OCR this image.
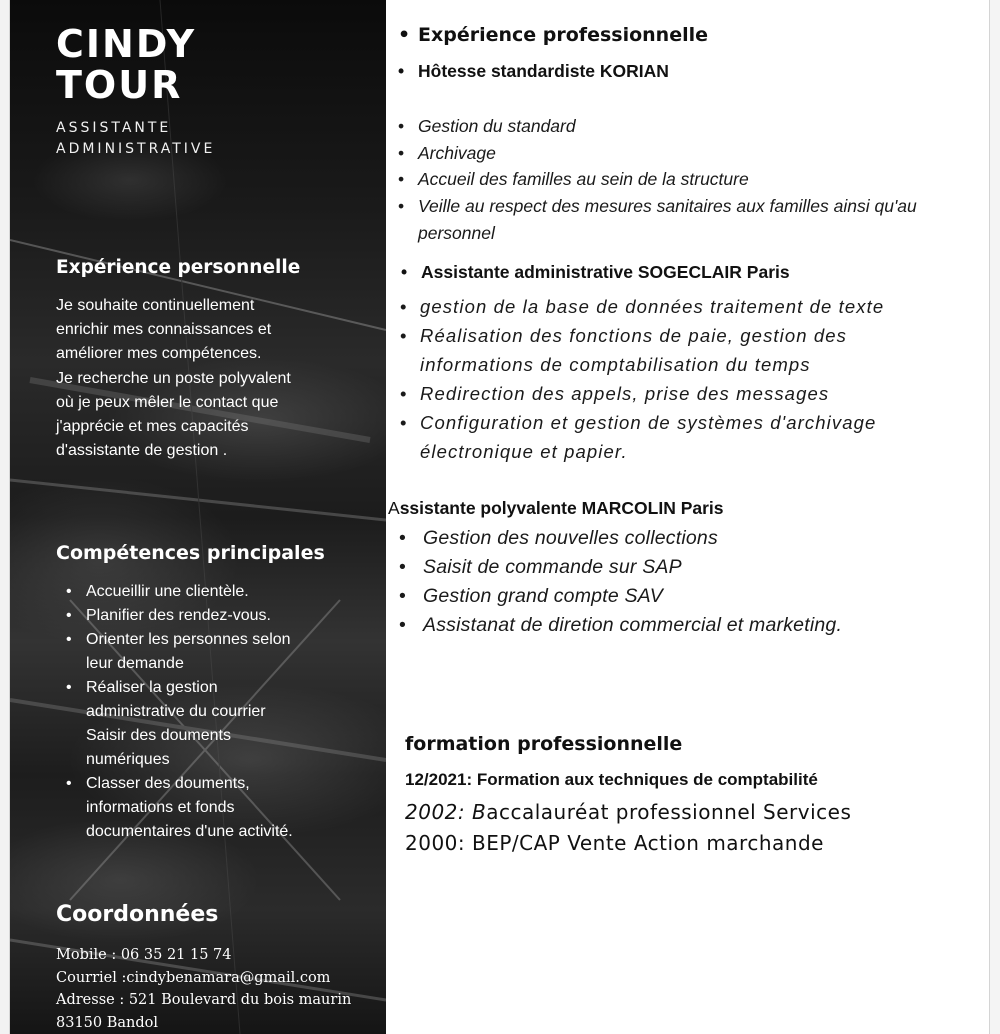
CINDY
TOUR
ASSISTANTE
ADMINISTRATIVE
Expérience personnelle

Je souhaite continuellement

enrichir mes connaissances et

améliorer mes compétences.

Je recherche un poste polyvalent

où je peux mêler le contact que

j'apprécie et mes capacités

d'assistante de gestion .

Compétences principales
• Accueillir une clientèle.
• Planifier des rendez-vous.
• Orienter les personnes selon
leur demande
• Réaliser la gestion
administrative du courrier
Saisir des douments
numériques
• Classer des douments,
informations et fonds
documentaires d'une activité.
Coordonnées
Mobile : 06 35 21 15 74
Courriel :cindybenamara@gmail.com
Adresse : 521 Boulevard du bois maurin
83150 Bandol
• Expérience professionnelle
• Hôtesse standardiste KORIAN
• Gestion du standard
• Archivage
• Accueil des familles au sein de la structure
• Veille au respect des mesures sanitaires aux familles ainsi qu'au
personnel
• Assistante administrative SOGECLAIR Paris
• gestion de la base de données traitement de texte
• Réalisation des fonctions de paie, gestion des
informations de comptabilisation du temps
• Redirection des appels, prise des messages
• Configuration et gestion de systèmes d'archivage
électronique et papier.
Assistante polyvalente MARCOLIN Paris
• Gestion des nouvelles collections
• Saisit de commande sur SAP
• Gestion grand compte SAV
• Assistanat de diretion commercial et marketing.
formation professionnelle
12/2021: Formation aux techniques de comptabilité
2002: Baccalauréat professionnel Services
2000: BEP/CAP Vente Action marchande
